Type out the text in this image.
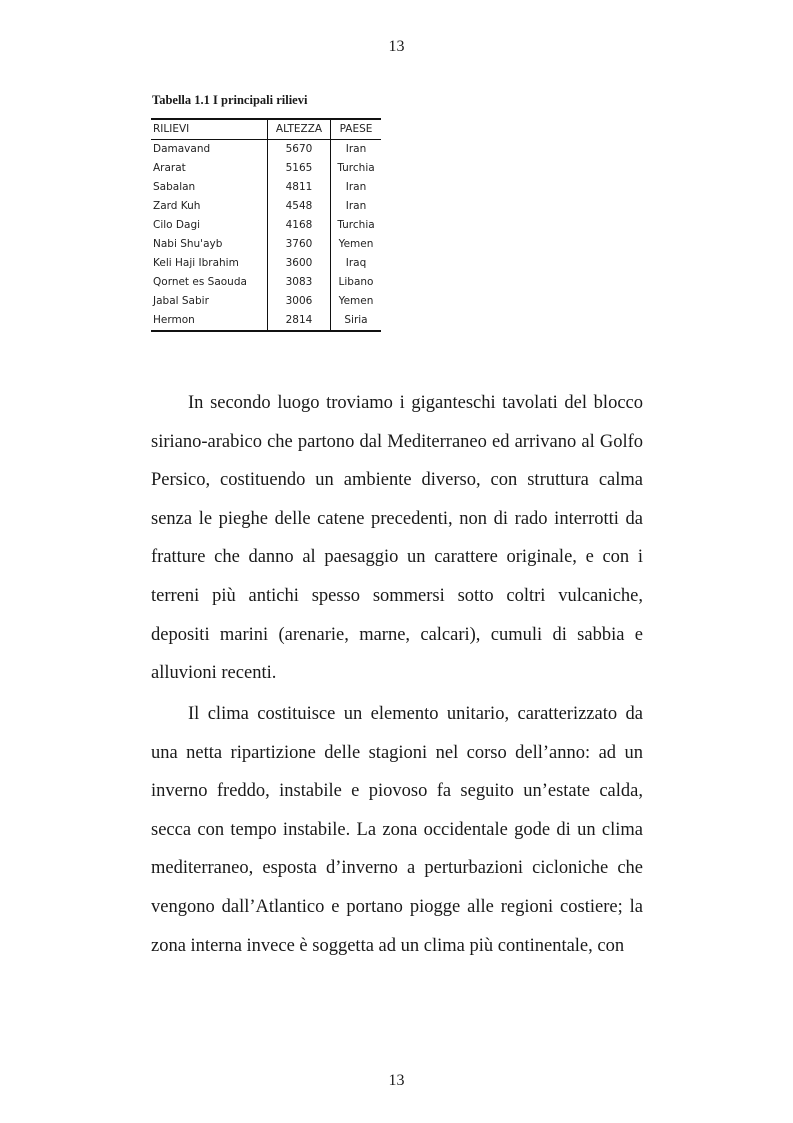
13
Tabella 1.1 I principali rilievi
RILIEVI	ALTEZZA	PAESE
Damavand	5670	Iran
Ararat	5165	Turchia
Sabalan	4811	Iran
Zard Kuh	4548	Iran
Cilo Dagi	4168	Turchia
Nabi Shu'ayb	3760	Yemen
Keli Haji Ibrahim	3600	Iraq
Qornet es Saouda	3083	Libano
Jabal Sabir	3006	Yemen
Hermon	2814	Siria

In secondo luogo troviamo i giganteschi tavolati del blocco siriano-arabico che partono dal Mediterraneo ed arrivano al Golfo Persico, costituendo un ambiente diverso, con struttura calma senza le pieghe delle catene precedenti, non di rado interrotti da fratture che danno al paesaggio un carattere originale, e con i terreni più antichi spesso sommersi sotto coltri vulcaniche, depositi marini (arenarie, marne, calcari), cumuli di sabbia e alluvioni recenti.

Il clima costituisce un elemento unitario, caratterizzato da una netta ripartizione delle stagioni nel corso dell’anno: ad un inverno freddo, instabile e piovoso fa seguito un’estate calda, secca con tempo instabile. La zona occidentale gode di un clima mediterraneo, esposta d’inverno a perturbazioni cicloniche che vengono dall’Atlantico e portano piogge alle regioni costiere; la zona interna invece è soggetta ad un clima più continentale, con

13
